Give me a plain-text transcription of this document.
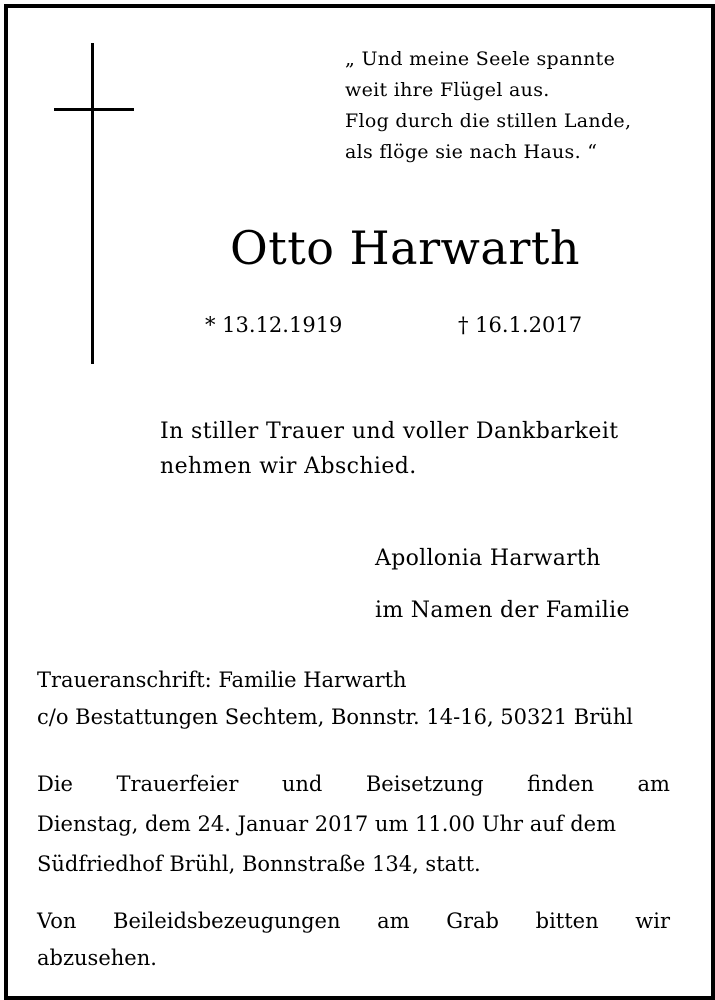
„ Und meine Seele spannte
weit ihre Flügel aus.
Flog durch die stillen Lande,
als flöge sie nach Haus. “
Otto Harwarth
* 13.12.1919	† 16.1.2017
In stiller Trauer und voller Dankbarkeit
nehmen wir Abschied.
Apollonia Harwarth
im Namen der Familie
Traueranschrift: Familie Harwarth
c/o Bestattungen Sechtem, Bonnstr. 14-16, 50321 Brühl
Die Trauerfeier und Beisetzung finden am
Dienstag, dem 24. Januar 2017 um 11.00 Uhr auf dem
Südfriedhof Brühl, Bonnstraße 134, statt.
Von Beileidsbezeugungen am Grab bitten wir
abzusehen.
